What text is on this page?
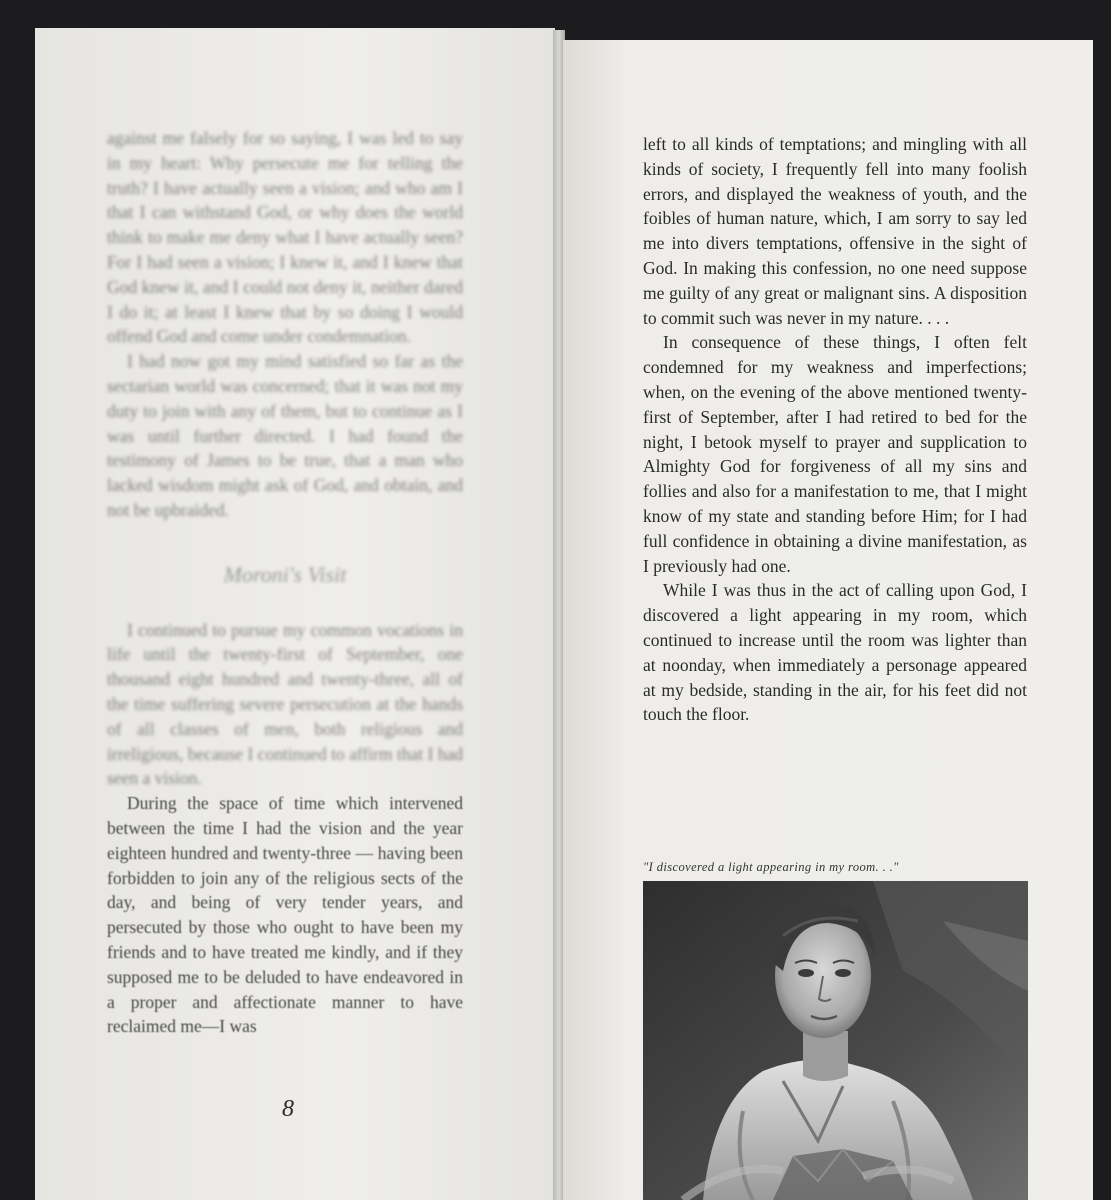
against me falsely for so saying, I was led to say in my heart: Why persecute me for telling the truth? I have actually seen a vision; and who am I that I can withstand God, or why does the world think to make me deny what I have actually seen? For I had seen a vision; I knew it, and I knew that God knew it, and I could not deny it, neither dared I do it; at least I knew that by so doing I would offend God and come under condemnation.

I had now got my mind satisfied so far as the sectarian world was concerned; that it was not my duty to join with any of them, but to continue as I was until further directed. I had found the testimony of James to be true, that a man who lacked wisdom might ask of God, and obtain, and not be upbraided.

Moroni's Visit

I continued to pursue my common vocations in life until the twenty-first of September, one thousand eight hundred and twenty-three, all of the time suffering severe persecution at the hands of all classes of men, both religious and irreligious, because I continued to affirm that I had seen a vision.

During the space of time which intervened between the time I had the vision and the year eighteen hundred and twenty-three — having been forbidden to join any of the religious sects of the day, and being of very tender years, and persecuted by those who ought to have been my friends and to have treated me kindly, and if they supposed me to be deluded to have endeavored in a proper and affectionate manner to have reclaimed me—I was

8

left to all kinds of temptations; and mingling with all kinds of society, I frequently fell into many foolish errors, and displayed the weakness of youth, and the foibles of human nature, which, I am sorry to say led me into divers temptations, offensive in the sight of God. In making this confession, no one need suppose me guilty of any great or malignant sins. A disposition to commit such was never in my nature. . . .

In consequence of these things, I often felt condemned for my weakness and imperfections; when, on the evening of the above mentioned twenty-first of September, after I had retired to bed for the night, I betook myself to prayer and supplication to Almighty God for forgiveness of all my sins and follies and also for a manifestation to me, that I might know of my state and standing before Him; for I had full confidence in obtaining a divine manifestation, as I previously had one.

While I was thus in the act of calling upon God, I discovered a light appearing in my room, which continued to increase until the room was lighter than at noonday, when immediately a personage appeared at my bedside, standing in the air, for his feet did not touch the floor.

"I discovered a light appearing in my room. . ."
